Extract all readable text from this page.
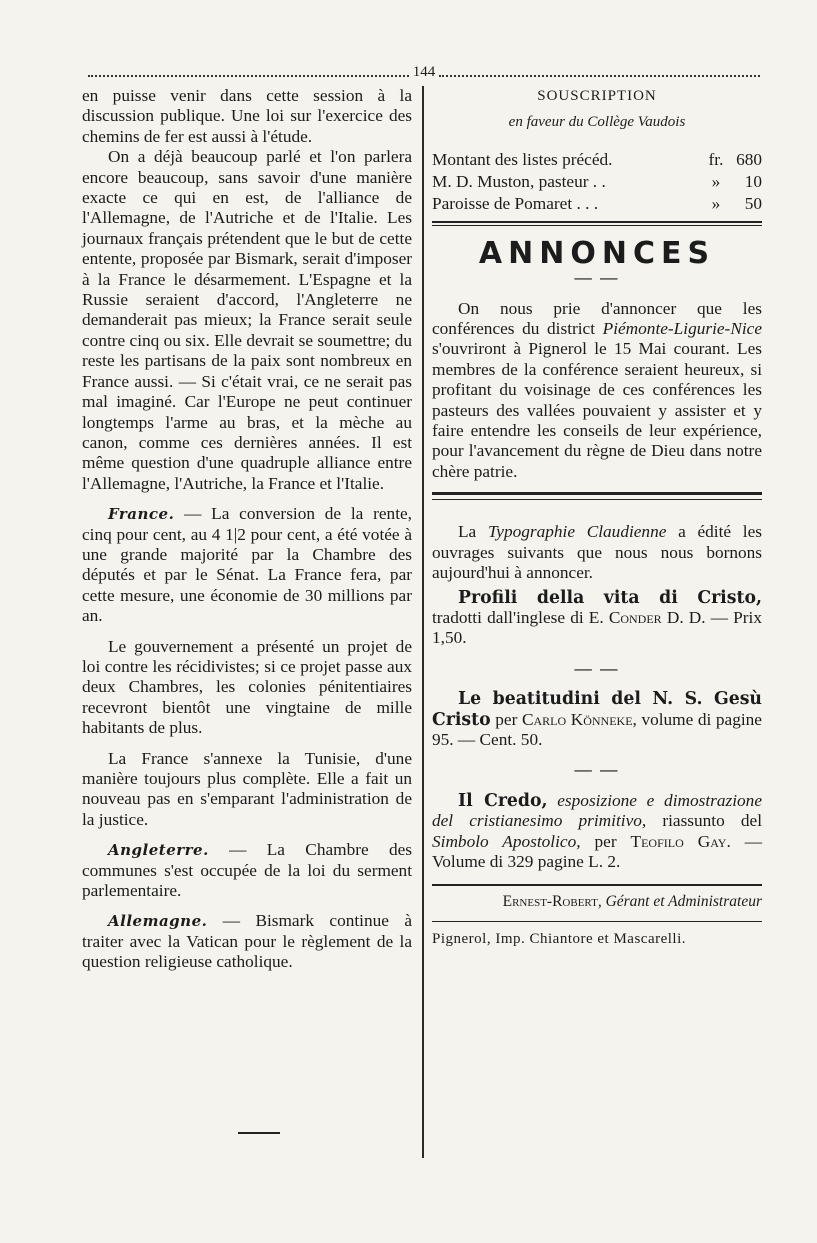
144

en puisse venir dans cette session à la discussion publique. Une loi sur l'exercice des chemins de fer est aussi à l'étude.

On a déjà beaucoup parlé et l'on parlera encore beaucoup, sans savoir d'une manière exacte ce qui en est, de l'alliance de l'Allemagne, de l'Autriche et de l'Italie. Les journaux français prétendent que le but de cette entente, proposée par Bismark, serait d'imposer à la France le désarmement. L'Espagne et la Russie seraient d'accord, l'Angleterre ne demanderait pas mieux; la France serait seule contre cinq ou six. Elle devrait se soumettre; du reste les partisans de la paix sont nombreux en France aussi. — Si c'était vrai, ce ne serait pas mal imaginé. Car l'Europe ne peut continuer longtemps l'arme au bras, et la mèche au canon, comme ces dernières années. Il est même question d'une quadruple alliance entre l'Allemagne, l'Autriche, la France et l'Italie.

France. — La conversion de la rente, cinq pour cent, au 4 1|2 pour cent, a été votée à une grande majorité par la Chambre des députés et par le Sénat. La France fera, par cette mesure, une économie de 30 millions par an.

Le gouvernement a présenté un projet de loi contre les récidivistes; si ce projet passe aux deux Chambres, les colonies pénitentiaires recevront bientôt une vingtaine de mille habitants de plus.

La France s'annexe la Tunisie, d'une manière toujours plus complète. Elle a fait un nouveau pas en s'emparant l'administration de la justice.

Angleterre. — La Chambre des communes s'est occupée de la loi du serment parlementaire.

Allemagne. — Bismark continue à traiter avec la Vatican pour le règlement de la question religieuse catholique.

SOUSCRIPTION
en faveur du Collège Vaudois
Montant des listes précéd.	fr. 680
M. D. Muston, pasteur . .	»	10
Paroisse de Pomaret . . .	»	50
ANNONCES
— —

On nous prie d'annoncer que les conférences du district Piémonte-Ligurie-Nice s'ouvriront à Pignerol le 15 Mai courant. Les membres de la conférence seraient heureux, si profitant du voisinage de ces conférences les pasteurs des vallées pouvaient y assister et y faire entendre les conseils de leur expérience, pour l'avancement du règne de Dieu dans notre chère patrie.

La Typographie Claudienne a édité les ouvrages suivants que nous nous bornons aujourd'hui à annoncer.

Profili della vita di Cristo, tradotti dall'inglese di E. Conder D. D. — Prix 1,50.

— —

Le beatitudini del N. S. Gesù Cristo per Carlo Könneke, volume di pagine 95. — Cent. 50.

— —

Il Credo, esposizione e dimostrazione del cristianesimo primitivo, riassunto del Simbolo Apostolico, per Teofilo Gay. — Volume di 329 pagine L. 2.

Ernest-Robert, Gérant et Administrateur
Pignerol, Imp. Chiantore et Mascarelli.
